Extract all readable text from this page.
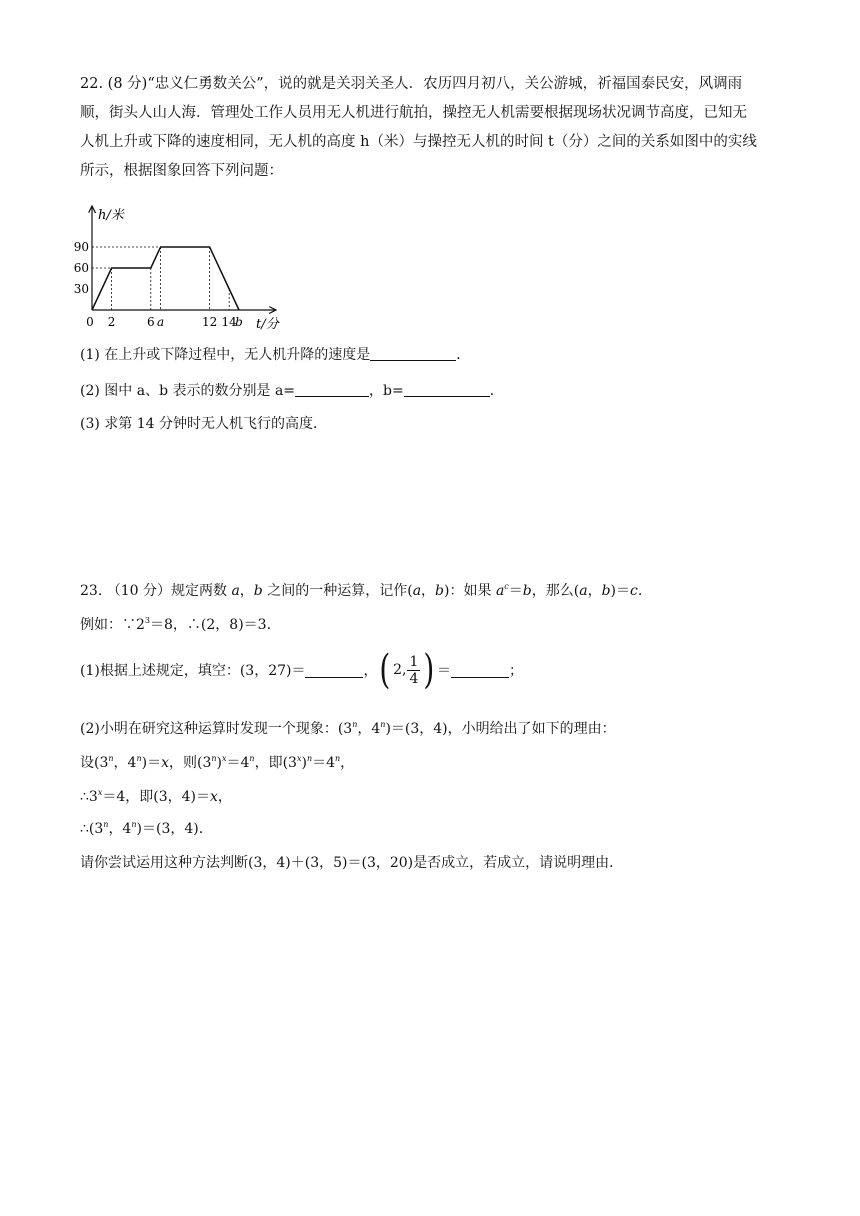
22. (8 分)“忠义仁勇数关公”，说的就是关羽关圣人．农历四月初八，关公游城，祈福国泰民安，风调雨

顺，街头人山人海．管理处工作人员用无人机进行航拍，操控无人机需要根据现场状况调节高度，已知无

人机上升或下降的速度相同，无人机的高度 h（米）与操控无人机的时间 t（分）之间的关系如图中的实线

所示，根据图象回答下列问题：

h/米
t/分
90
60
30
0 2	6 a	12 14
b
(1) 在上升或下降过程中，无人机升降的速度是	．
(2) 图中 a、b 表示的数分别是 a=	，b=	．
(3) 求第 14 分钟时无人机飞行的高度．
23. （10 分）规定两数 a，b 之间的一种运算，记作(a，b)：如果 $a^c=b$，那么(a，b)＝c.
例如：$\because 2^3=8$，∴(2，8)＝3.
(1)根据上述规定，填空：(3，27)＝	， ( 2, $\frac{1}{4}$ ) ＝	；
(2)小明在研究这种运算时发现一个现象：(3$^n$，$4^n)=(3$，4)，小明给出了如下的理由：
设(3$^n$，$4^n)=x$，则$(3^n)^x=4^n$，即$(3^x)^n=4^n$，
$\therefore 3^x=4$，即(3，4)＝x，
∴(3$^n$，$4^n)=(3$，4)．
请你尝试运用这种方法判断(3，4)＋(3，5)＝(3，20)是否成立，若成立，请说明理由．
